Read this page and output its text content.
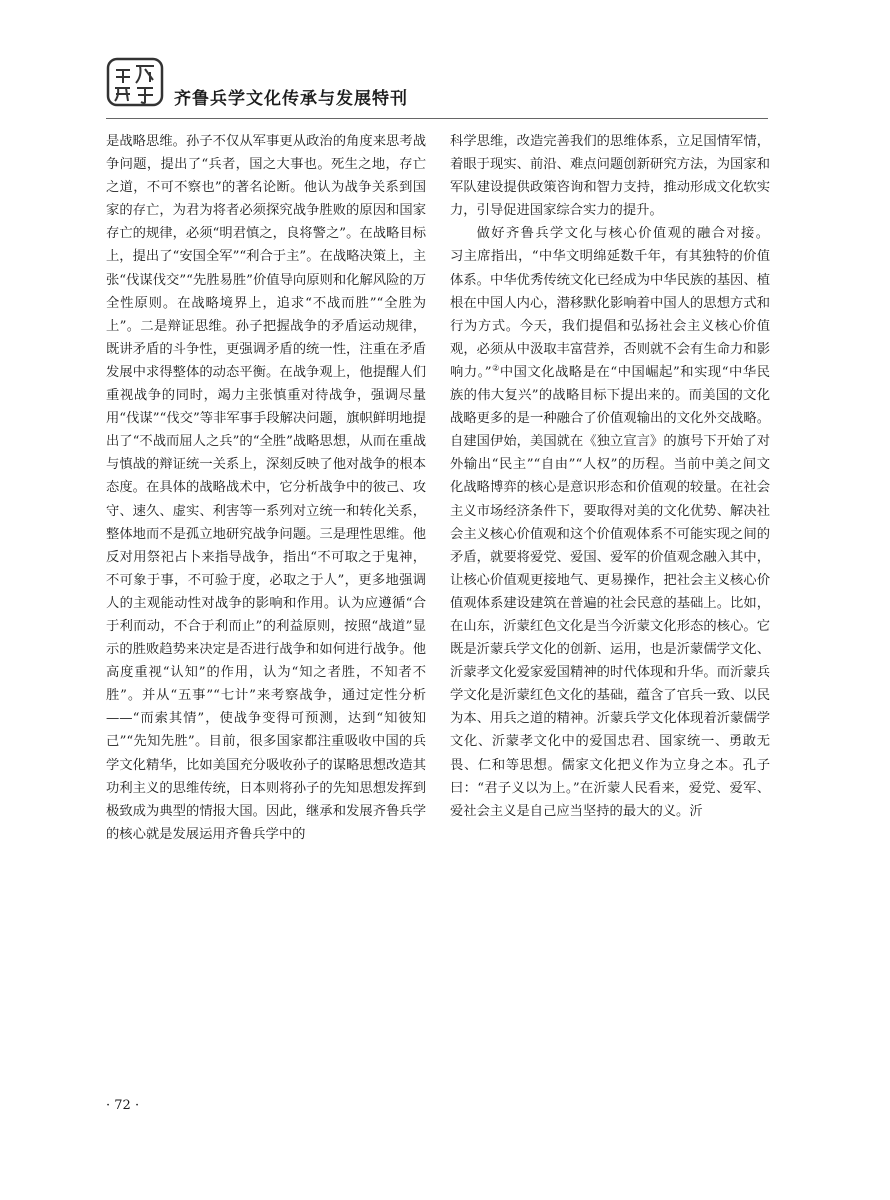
齐鲁兵学文化传承与发展特刊

是战略思维。孙子不仅从军事更从政治的角度来思考战争问题，提出了“兵者，国之大事也。死生之地，存亡之道，不可不察也”的著名论断。他认为战争关系到国家的存亡，为君为将者必须探究战争胜败的原因和国家存亡的规律，必须“明君慎之，良将警之”。在战略目标上，提出了“安国全军”“利合于主”。在战略决策上，主张“伐谋伐交”“先胜易胜”价值导向原则和化解风险的万全性原则。在战略境界上，追求“不战而胜”“全胜为上”。二是辩证思维。孙子把握战争的矛盾运动规律，既讲矛盾的斗争性，更强调矛盾的统一性，注重在矛盾发展中求得整体的动态平衡。在战争观上，他提醒人们重视战争的同时，竭力主张慎重对待战争，强调尽量用“伐谋”“伐交”等非军事手段解决问题，旗帜鲜明地提出了“不战而屈人之兵”的“全胜”战略思想，从而在重战与慎战的辩证统一关系上，深刻反映了他对战争的根本态度。在具体的战略战术中，它分析战争中的彼己、攻守、速久、虚实、利害等一系列对立统一和转化关系，整体地而不是孤立地研究战争问题。三是理性思维。他反对用祭祀占卜来指导战争，指出“不可取之于鬼神，不可象于事，不可验于度，必取之于人”，更多地强调人的主观能动性对战争的影响和作用。认为应遵循“合于利而动，不合于利而止”的利益原则，按照“战道”显示的胜败趋势来决定是否进行战争和如何进行战争。他高度重视“认知”的作用，认为“知之者胜，不知者不胜”。并从“五事”“七计”来考察战争，通过定性分析——“而索其情”，使战争变得可预测，达到“知彼知己”“先知先胜”。目前，很多国家都注重吸收中国的兵学文化精华，比如美国充分吸收孙子的谋略思想改造其功利主义的思维传统，日本则将孙子的先知思想发挥到极致成为典型的情报大国。因此，继承和发展齐鲁兵学的核心就是发展运用齐鲁兵学中的

科学思维，改造完善我们的思维体系，立足国情军情，着眼于现实、前沿、难点问题创新研究方法，为国家和军队建设提供政策咨询和智力支持，推动形成文化软实力，引导促进国家综合实力的提升。

做好齐鲁兵学文化与核心价值观的融合对接。习主席指出，“中华文明绵延数千年，有其独特的价值体系。中华优秀传统文化已经成为中华民族的基因、植根在中国人内心，潜移默化影响着中国人的思想方式和行为方式。今天，我们提倡和弘扬社会主义核心价值观，必须从中汲取丰富营养，否则就不会有生命力和影响力。”②中国文化战略是在“中国崛起”和实现“中华民族的伟大复兴”的战略目标下提出来的。而美国的文化战略更多的是一种融合了价值观输出的文化外交战略。自建国伊始，美国就在《独立宣言》的旗号下开始了对外输出“民主”“自由”“人权”的历程。当前中美之间文化战略博弈的核心是意识形态和价值观的较量。在社会主义市场经济条件下，要取得对美的文化优势、解决社会主义核心价值观和这个价值观体系不可能实现之间的矛盾，就要将爱党、爱国、爱军的价值观念融入其中，让核心价值观更接地气、更易操作，把社会主义核心价值观体系建设建筑在普遍的社会民意的基础上。比如，在山东，沂蒙红色文化是当今沂蒙文化形态的核心。它既是沂蒙兵学文化的创新、运用，也是沂蒙儒学文化、沂蒙孝文化爱家爱国精神的时代体现和升华。而沂蒙兵学文化是沂蒙红色文化的基础，蕴含了官兵一致、以民为本、用兵之道的精神。沂蒙兵学文化体现着沂蒙儒学文化、沂蒙孝文化中的爱国忠君、国家统一、勇敢无畏、仁和等思想。儒家文化把义作为立身之本。孔子曰：“君子义以为上。”在沂蒙人民看来，爱党、爱军、爱社会主义是自己应当坚持的最大的义。沂

· 72 ·
